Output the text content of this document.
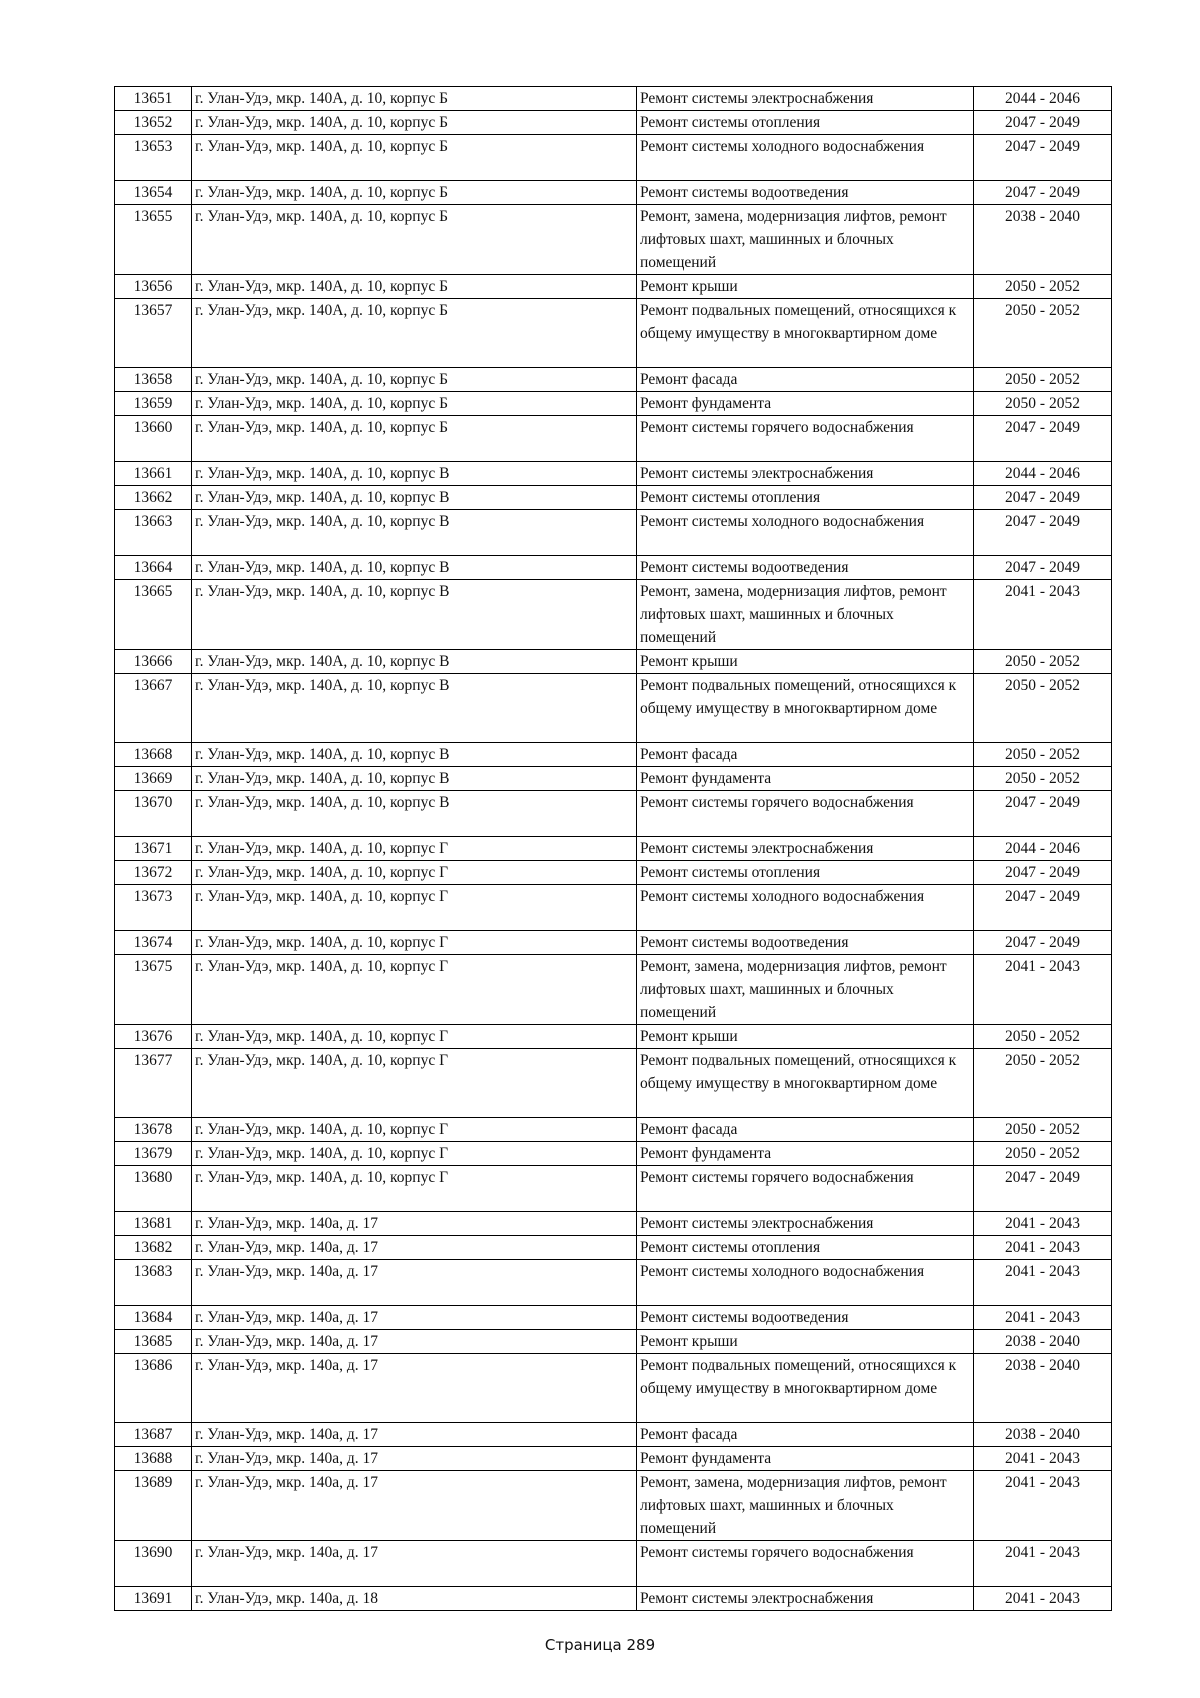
13651	г. Улан-Удэ, мкр. 140А, д. 10, корпус Б	Ремонт системы электроснабжения	2044 - 2046
13652	г. Улан-Удэ, мкр. 140А, д. 10, корпус Б	Ремонт системы отопления	2047 - 2049
13653	г. Улан-Удэ, мкр. 140А, д. 10, корпус Б	Ремонт системы холодного водоснабжения	2047 - 2049
13654	г. Улан-Удэ, мкр. 140А, д. 10, корпус Б	Ремонт системы водоотведения	2047 - 2049
13655	г. Улан-Удэ, мкр. 140А, д. 10, корпус Б	Ремонт, замена, модернизация лифтов, ремонт лифтовых шахт, машинных и блочных помещений	2038 - 2040
13656	г. Улан-Удэ, мкр. 140А, д. 10, корпус Б	Ремонт крыши	2050 - 2052
13657	г. Улан-Удэ, мкр. 140А, д. 10, корпус Б	Ремонт подвальных помещений, относящихся к общему имуществу в многоквартирном доме	2050 - 2052
13658	г. Улан-Удэ, мкр. 140А, д. 10, корпус Б	Ремонт фасада	2050 - 2052
13659	г. Улан-Удэ, мкр. 140А, д. 10, корпус Б	Ремонт фундамента	2050 - 2052
13660	г. Улан-Удэ, мкр. 140А, д. 10, корпус Б	Ремонт системы горячего водоснабжения	2047 - 2049
13661	г. Улан-Удэ, мкр. 140А, д. 10, корпус В	Ремонт системы электроснабжения	2044 - 2046
13662	г. Улан-Удэ, мкр. 140А, д. 10, корпус В	Ремонт системы отопления	2047 - 2049
13663	г. Улан-Удэ, мкр. 140А, д. 10, корпус В	Ремонт системы холодного водоснабжения	2047 - 2049
13664	г. Улан-Удэ, мкр. 140А, д. 10, корпус В	Ремонт системы водоотведения	2047 - 2049
13665	г. Улан-Удэ, мкр. 140А, д. 10, корпус В	Ремонт, замена, модернизация лифтов, ремонт лифтовых шахт, машинных и блочных помещений	2041 - 2043
13666	г. Улан-Удэ, мкр. 140А, д. 10, корпус В	Ремонт крыши	2050 - 2052
13667	г. Улан-Удэ, мкр. 140А, д. 10, корпус В	Ремонт подвальных помещений, относящихся к общему имуществу в многоквартирном доме	2050 - 2052
13668	г. Улан-Удэ, мкр. 140А, д. 10, корпус В	Ремонт фасада	2050 - 2052
13669	г. Улан-Удэ, мкр. 140А, д. 10, корпус В	Ремонт фундамента	2050 - 2052
13670	г. Улан-Удэ, мкр. 140А, д. 10, корпус В	Ремонт системы горячего водоснабжения	2047 - 2049
13671	г. Улан-Удэ, мкр. 140А, д. 10, корпус Г	Ремонт системы электроснабжения	2044 - 2046
13672	г. Улан-Удэ, мкр. 140А, д. 10, корпус Г	Ремонт системы отопления	2047 - 2049
13673	г. Улан-Удэ, мкр. 140А, д. 10, корпус Г	Ремонт системы холодного водоснабжения	2047 - 2049
13674	г. Улан-Удэ, мкр. 140А, д. 10, корпус Г	Ремонт системы водоотведения	2047 - 2049
13675	г. Улан-Удэ, мкр. 140А, д. 10, корпус Г	Ремонт, замена, модернизация лифтов, ремонт лифтовых шахт, машинных и блочных помещений	2041 - 2043
13676	г. Улан-Удэ, мкр. 140А, д. 10, корпус Г	Ремонт крыши	2050 - 2052
13677	г. Улан-Удэ, мкр. 140А, д. 10, корпус Г	Ремонт подвальных помещений, относящихся к общему имуществу в многоквартирном доме	2050 - 2052
13678	г. Улан-Удэ, мкр. 140А, д. 10, корпус Г	Ремонт фасада	2050 - 2052
13679	г. Улан-Удэ, мкр. 140А, д. 10, корпус Г	Ремонт фундамента	2050 - 2052
13680	г. Улан-Удэ, мкр. 140А, д. 10, корпус Г	Ремонт системы горячего водоснабжения	2047 - 2049
13681	г. Улан-Удэ, мкр. 140а, д. 17	Ремонт системы электроснабжения	2041 - 2043
13682	г. Улан-Удэ, мкр. 140а, д. 17	Ремонт системы отопления	2041 - 2043
13683	г. Улан-Удэ, мкр. 140а, д. 17	Ремонт системы холодного водоснабжения	2041 - 2043
13684	г. Улан-Удэ, мкр. 140а, д. 17	Ремонт системы водоотведения	2041 - 2043
13685	г. Улан-Удэ, мкр. 140а, д. 17	Ремонт крыши	2038 - 2040
13686	г. Улан-Удэ, мкр. 140а, д. 17	Ремонт подвальных помещений, относящихся к общему имуществу в многоквартирном доме	2038 - 2040
13687	г. Улан-Удэ, мкр. 140а, д. 17	Ремонт фасада	2038 - 2040
13688	г. Улан-Удэ, мкр. 140а, д. 17	Ремонт фундамента	2041 - 2043
13689	г. Улан-Удэ, мкр. 140а, д. 17	Ремонт, замена, модернизация лифтов, ремонт лифтовых шахт, машинных и блочных помещений	2041 - 2043
13690	г. Улан-Удэ, мкр. 140а, д. 17	Ремонт системы горячего водоснабжения	2041 - 2043
13691	г. Улан-Удэ, мкр. 140а, д. 18	Ремонт системы электроснабжения	2041 - 2043
Страница 289
